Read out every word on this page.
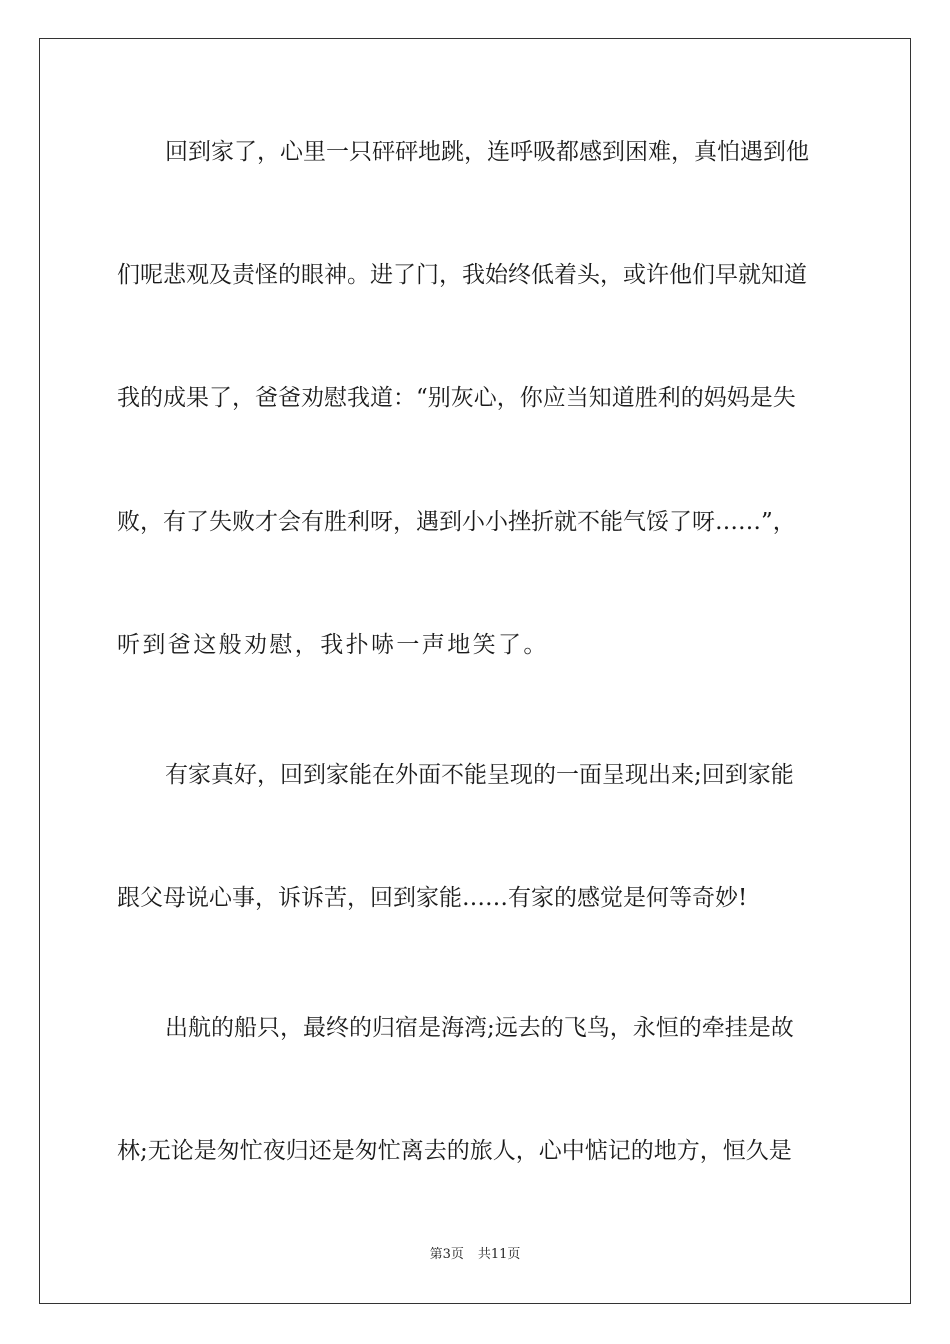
回到家了，心里一只砰砰地跳，连呼吸都感到困难，真怕遇到他
们呢悲观及责怪的眼神。进了门，我始终低着头，或许他们早就知道
我的成果了，爸爸劝慰我道：“别灰心，你应当知道胜利的妈妈是失
败，有了失败才会有胜利呀，遇到小小挫折就不能气馁了呀……”，
听到爸这般劝慰，我扑哧一声地笑了。
有家真好，回到家能在外面不能呈现的一面呈现出来;回到家能
跟父母说心事，诉诉苦，回到家能……有家的感觉是何等奇妙!
出航的船只，最终的归宿是海湾;远去的飞鸟，永恒的牵挂是故
林;无论是匆忙夜归还是匆忙离去的旅人，心中惦记的地方，恒久是
第3页 共11页
